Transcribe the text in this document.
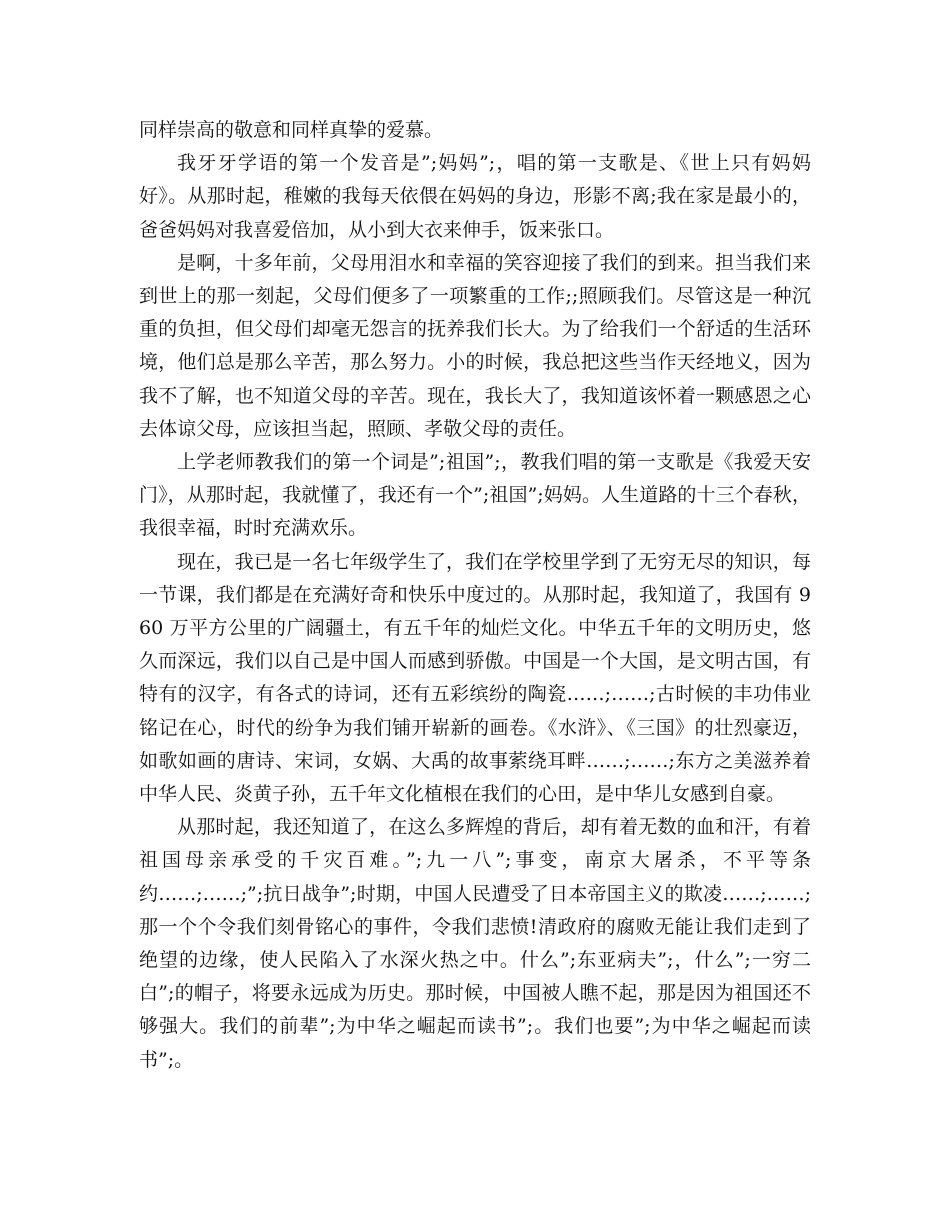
同样崇高的敬意和同样真挚的爱慕。

我牙牙学语的第一个发音是”;妈妈”;，唱的第一支歌是、《世上只有妈妈好》。从那时起，稚嫩的我每天依偎在妈妈的身边，形影不离;我在家是最小的，爸爸妈妈对我喜爱倍加，从小到大衣来伸手，饭来张口。

是啊，十多年前，父母用泪水和幸福的笑容迎接了我们的到来。担当我们来到世上的那一刻起，父母们便多了一项繁重的工作;;照顾我们。尽管这是一种沉重的负担，但父母们却毫无怨言的抚养我们长大。为了给我们一个舒适的生活环境，他们总是那么辛苦，那么努力。小的时候，我总把这些当作天经地义，因为我不了解，也不知道父母的辛苦。现在，我长大了，我知道该怀着一颗感恩之心去体谅父母，应该担当起，照顾、孝敬父母的责任。

上学老师教我们的第一个词是”;祖国”;，教我们唱的第一支歌是《我爱天安门》，从那时起，我就懂了，我还有一个”;祖国”;妈妈。人生道路的十三个春秋，我很幸福，时时充满欢乐。

现在，我已是一名七年级学生了，我们在学校里学到了无穷无尽的知识，每一节课，我们都是在充满好奇和快乐中度过的。从那时起，我知道了，我国有 960 万平方公里的广阔疆土，有五千年的灿烂文化。中华五千年的文明历史，悠久而深远，我们以自己是中国人而感到骄傲。中国是一个大国，是文明古国，有特有的汉字，有各式的诗词，还有五彩缤纷的陶瓷……;……;古时候的丰功伟业铭记在心，时代的纷争为我们铺开崭新的画卷。《水浒》、《三国》的壮烈豪迈，如歌如画的唐诗、宋词，女娲、大禹的故事萦绕耳畔……;……;东方之美滋养着中华人民、炎黄子孙，五千年文化植根在我们的心田，是中华儿女感到自豪。

从那时起，我还知道了，在这么多辉煌的背后，却有着无数的血和汗，有着祖国母亲承受的千灾百难。”;九一八”;事变，南京大屠杀，不平等条约……;……;”;抗日战争”;时期，中国人民遭受了日本帝国主义的欺凌……;……;那一个个令我们刻骨铭心的事件，令我们悲愤!清政府的腐败无能让我们走到了绝望的边缘，使人民陷入了水深火热之中。什么”;东亚病夫”;，什么”;一穷二白”;的帽子，将要永远成为历史。那时候，中国被人瞧不起，那是因为祖国还不够强大。我们的前辈”;为中华之崛起而读书”;。我们也要”;为中华之崛起而读书”;。
